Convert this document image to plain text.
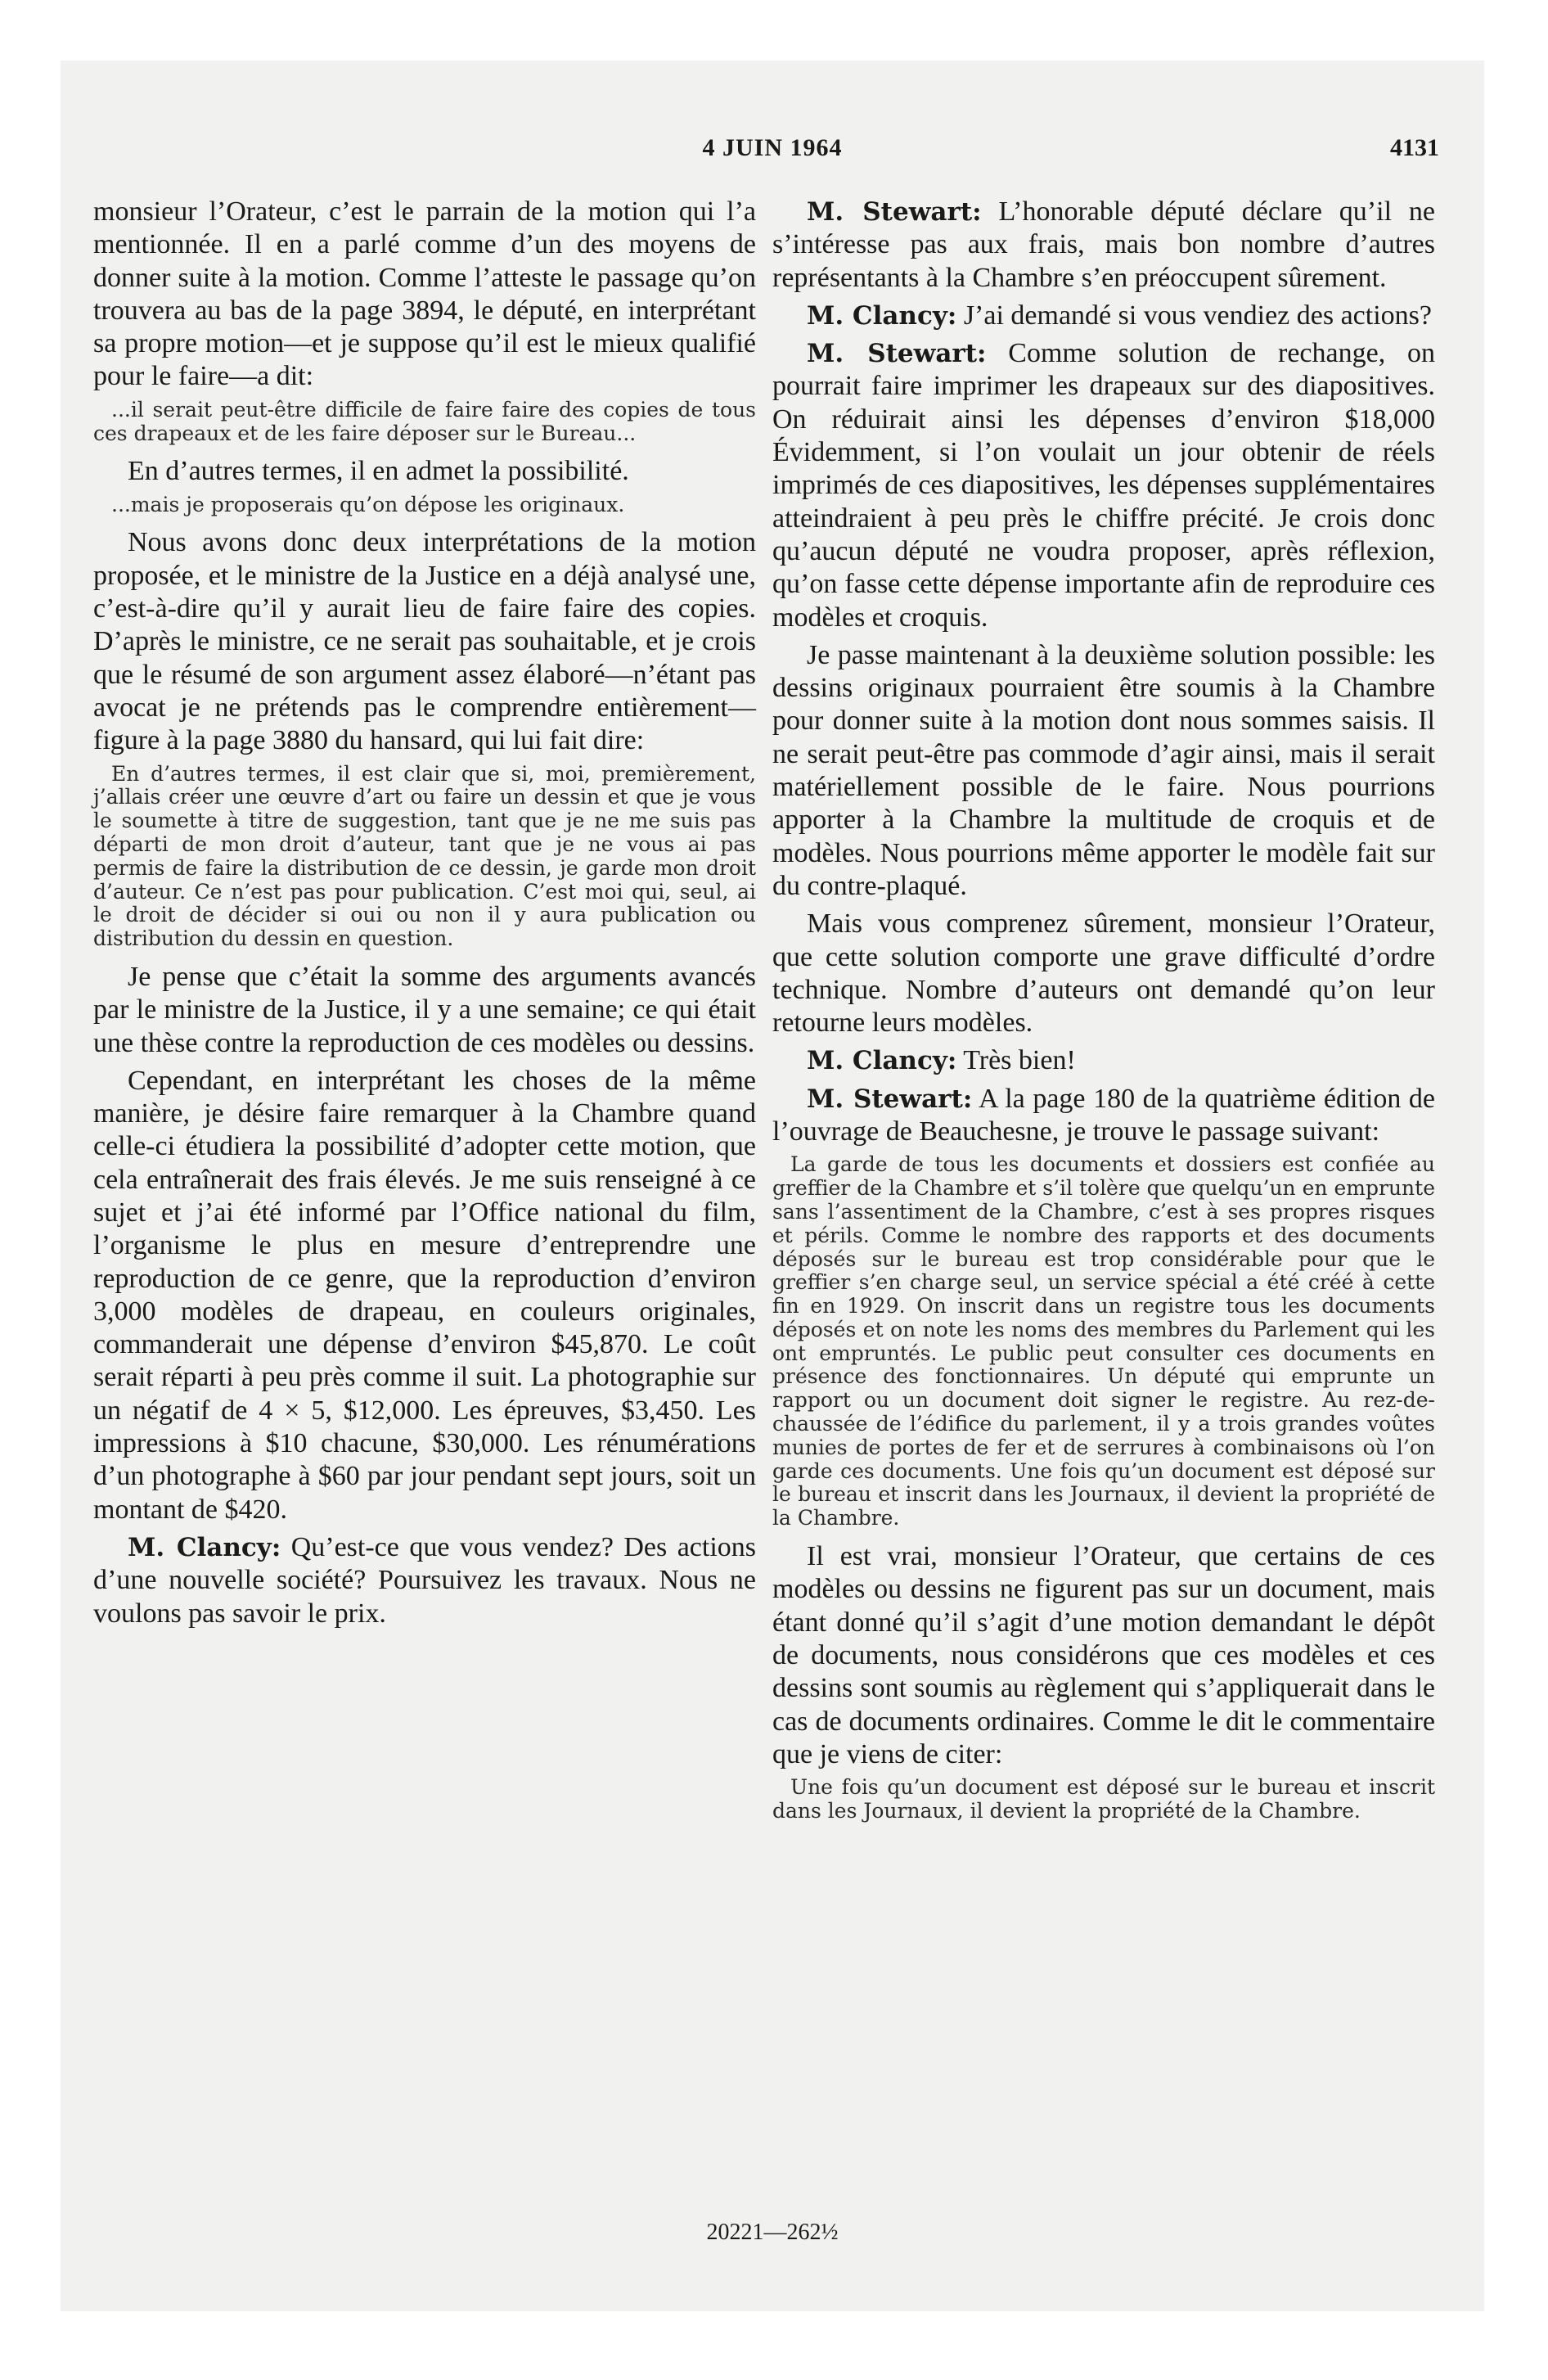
4 JUIN 1964	4131

monsieur l’Orateur, c’est le parrain de la motion qui l’a mentionnée. Il en a parlé comme d’un des moyens de donner suite à la motion. Comme l’atteste le passage qu’on trouvera au bas de la page 3894, le député, en interprétant sa propre motion—et je suppose qu’il est le mieux qualifié pour le faire—a dit:

...il serait peut-être difficile de faire faire des copies de tous ces drapeaux et de les faire déposer sur le Bureau...

En d’autres termes, il en admet la possibilité.

...mais je proposerais qu’on dépose les originaux.

Nous avons donc deux interprétations de la motion proposée, et le ministre de la Justice en a déjà analysé une, c’est-à-dire qu’il y aurait lieu de faire faire des copies. D’après le ministre, ce ne serait pas souhaitable, et je crois que le résumé de son argument assez élaboré—n’étant pas avocat je ne prétends pas le comprendre entièrement—figure à la page 3880 du hansard, qui lui fait dire:

En d’autres termes, il est clair que si, moi, premièrement, j’allais créer une œuvre d’art ou faire un dessin et que je vous le soumette à titre de suggestion, tant que je ne me suis pas départi de mon droit d’auteur, tant que je ne vous ai pas permis de faire la distribution de ce dessin, je garde mon droit d’auteur. Ce n’est pas pour publication. C’est moi qui, seul, ai le droit de décider si oui ou non il y aura publication ou distribution du dessin en question.

Je pense que c’était la somme des arguments avancés par le ministre de la Justice, il y a une semaine; ce qui était une thèse contre la reproduction de ces modèles ou dessins.

Cependant, en interprétant les choses de la même manière, je désire faire remarquer à la Chambre quand celle-ci étudiera la possibilité d’adopter cette motion, que cela entraînerait des frais élevés. Je me suis renseigné à ce sujet et j’ai été informé par l’Office national du film, l’organisme le plus en mesure d’entreprendre une reproduction de ce genre, que la reproduction d’environ 3,000 modèles de drapeau, en couleurs originales, commanderait une dépense d’environ $45,870. Le coût serait réparti à peu près comme il suit. La photographie sur un négatif de 4 × 5, $12,000. Les épreuves, $3,450. Les impressions à $10 chacune, $30,000. Les rénumérations d’un photographe à $60 par jour pendant sept jours, soit un montant de $420.

M. Clancy: Qu’est-ce que vous vendez? Des actions d’une nouvelle société? Poursuivez les travaux. Nous ne voulons pas savoir le prix.

M. Stewart: L’honorable député déclare qu’il ne s’intéresse pas aux frais, mais bon nombre d’autres représentants à la Chambre s’en préoccupent sûrement.

M. Clancy: J’ai demandé si vous vendiez des actions?

M. Stewart: Comme solution de rechange, on pourrait faire imprimer les drapeaux sur des diapositives. On réduirait ainsi les dépenses d’environ $18,000 Évidemment, si l’on voulait un jour obtenir de réels imprimés de ces diapositives, les dépenses supplémentaires atteindraient à peu près le chiffre précité. Je crois donc qu’aucun député ne voudra proposer, après réflexion, qu’on fasse cette dépense importante afin de reproduire ces modèles et croquis.

Je passe maintenant à la deuxième solution possible: les dessins originaux pourraient être soumis à la Chambre pour donner suite à la motion dont nous sommes saisis. Il ne serait peut-être pas commode d’agir ainsi, mais il serait matériellement possible de le faire. Nous pourrions apporter à la Chambre la multitude de croquis et de modèles. Nous pourrions même apporter le modèle fait sur du contre-plaqué.

Mais vous comprenez sûrement, monsieur l’Orateur, que cette solution comporte une grave difficulté d’ordre technique. Nombre d’auteurs ont demandé qu’on leur retourne leurs modèles.

M. Clancy: Très bien!

M. Stewart: A la page 180 de la quatrième édition de l’ouvrage de Beauchesne, je trouve le passage suivant:

La garde de tous les documents et dossiers est confiée au greffier de la Chambre et s’il tolère que quelqu’un en emprunte sans l’assentiment de la Chambre, c’est à ses propres risques et périls. Comme le nombre des rapports et des documents déposés sur le bureau est trop considérable pour que le greffier s’en charge seul, un service spécial a été créé à cette fin en 1929. On inscrit dans un registre tous les documents déposés et on note les noms des membres du Parlement qui les ont empruntés. Le public peut consulter ces documents en présence des fonctionnaires. Un député qui emprunte un rapport ou un document doit signer le registre. Au rez-de-chaussée de l’édifice du parlement, il y a trois grandes voûtes munies de portes de fer et de serrures à combinaisons où l’on garde ces documents. Une fois qu’un document est déposé sur le bureau et inscrit dans les Journaux, il devient la propriété de la Chambre.

Il est vrai, monsieur l’Orateur, que certains de ces modèles ou dessins ne figurent pas sur un document, mais étant donné qu’il s’agit d’une motion demandant le dépôt de documents, nous considérons que ces modèles et ces dessins sont soumis au règlement qui s’appliquerait dans le cas de documents ordinaires. Comme le dit le commentaire que je viens de citer:

Une fois qu’un document est déposé sur le bureau et inscrit dans les Journaux, il devient la propriété de la Chambre.
20221—262½
